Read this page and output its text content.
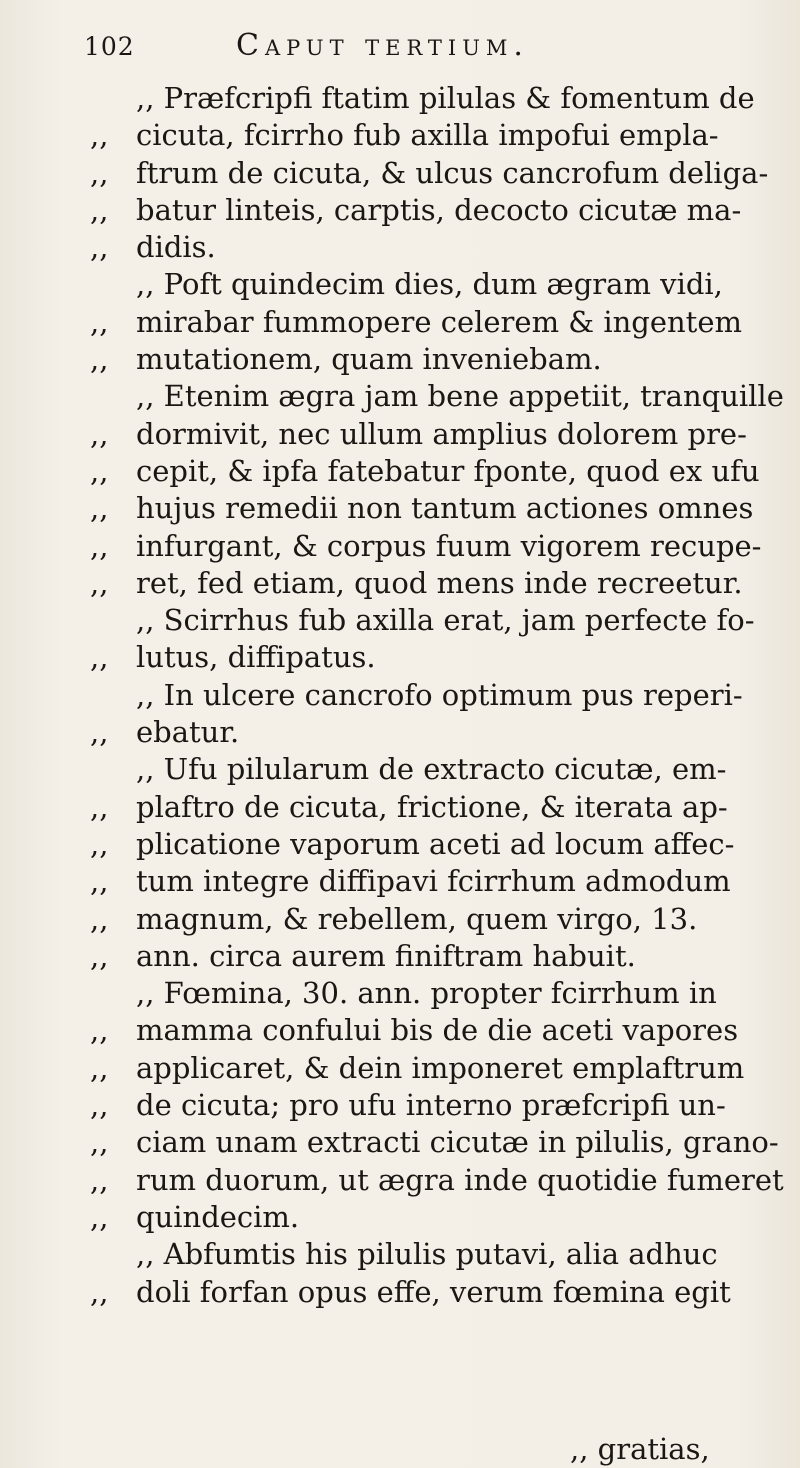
102	Caput tertium.
,, Præfcripfi ftatim pilulas & fomentum de
,, cicuta, fcirrho fub axilla impofui empla-
,, ftrum de cicuta, & ulcus cancrofum deliga-
,, batur linteis, carptis, decocto cicutæ ma-
,, didis.
,, Poft quindecim dies, dum ægram vidi,
,, mirabar fummopere celerem & ingentem
,, mutationem, quam inveniebam.
,, Etenim ægra jam bene appetiit, tranquille
,, dormivit, nec ullum amplius dolorem pre-
,, cepit, & ipfa fatebatur fponte, quod ex ufu
,, hujus remedii non tantum actiones omnes
,, infurgant, & corpus fuum vigorem recupe-
,, ret, fed etiam, quod mens inde recreetur.
,, Scirrhus fub axilla erat, jam perfecte fo-
,, lutus, diffipatus.
,, In ulcere cancrofo optimum pus reperi-
,, ebatur.
,, Ufu pilularum de extracto cicutæ, em-
,, plaftro de cicuta, frictione, & iterata ap-
,, plicatione vaporum aceti ad locum affec-
,, tum integre diffipavi fcirrhum admodum
,, magnum, & rebellem, quem virgo, 13.
,, ann. circa aurem finiftram habuit.
,, Fœmina, 30. ann. propter fcirrhum in
,, mamma confului bis de die aceti vapores
,, applicaret, & dein imponeret emplaftrum
,, de cicuta; pro ufu interno præfcripfi un-
,, ciam unam extracti cicutæ in pilulis, grano-
,, rum duorum, ut ægra inde quotidie fumeret
,, quindecim.
,, Abfumtis his pilulis putavi, alia adhuc
,, doli forfan opus effe, verum fœmina egit
,, gratias,
